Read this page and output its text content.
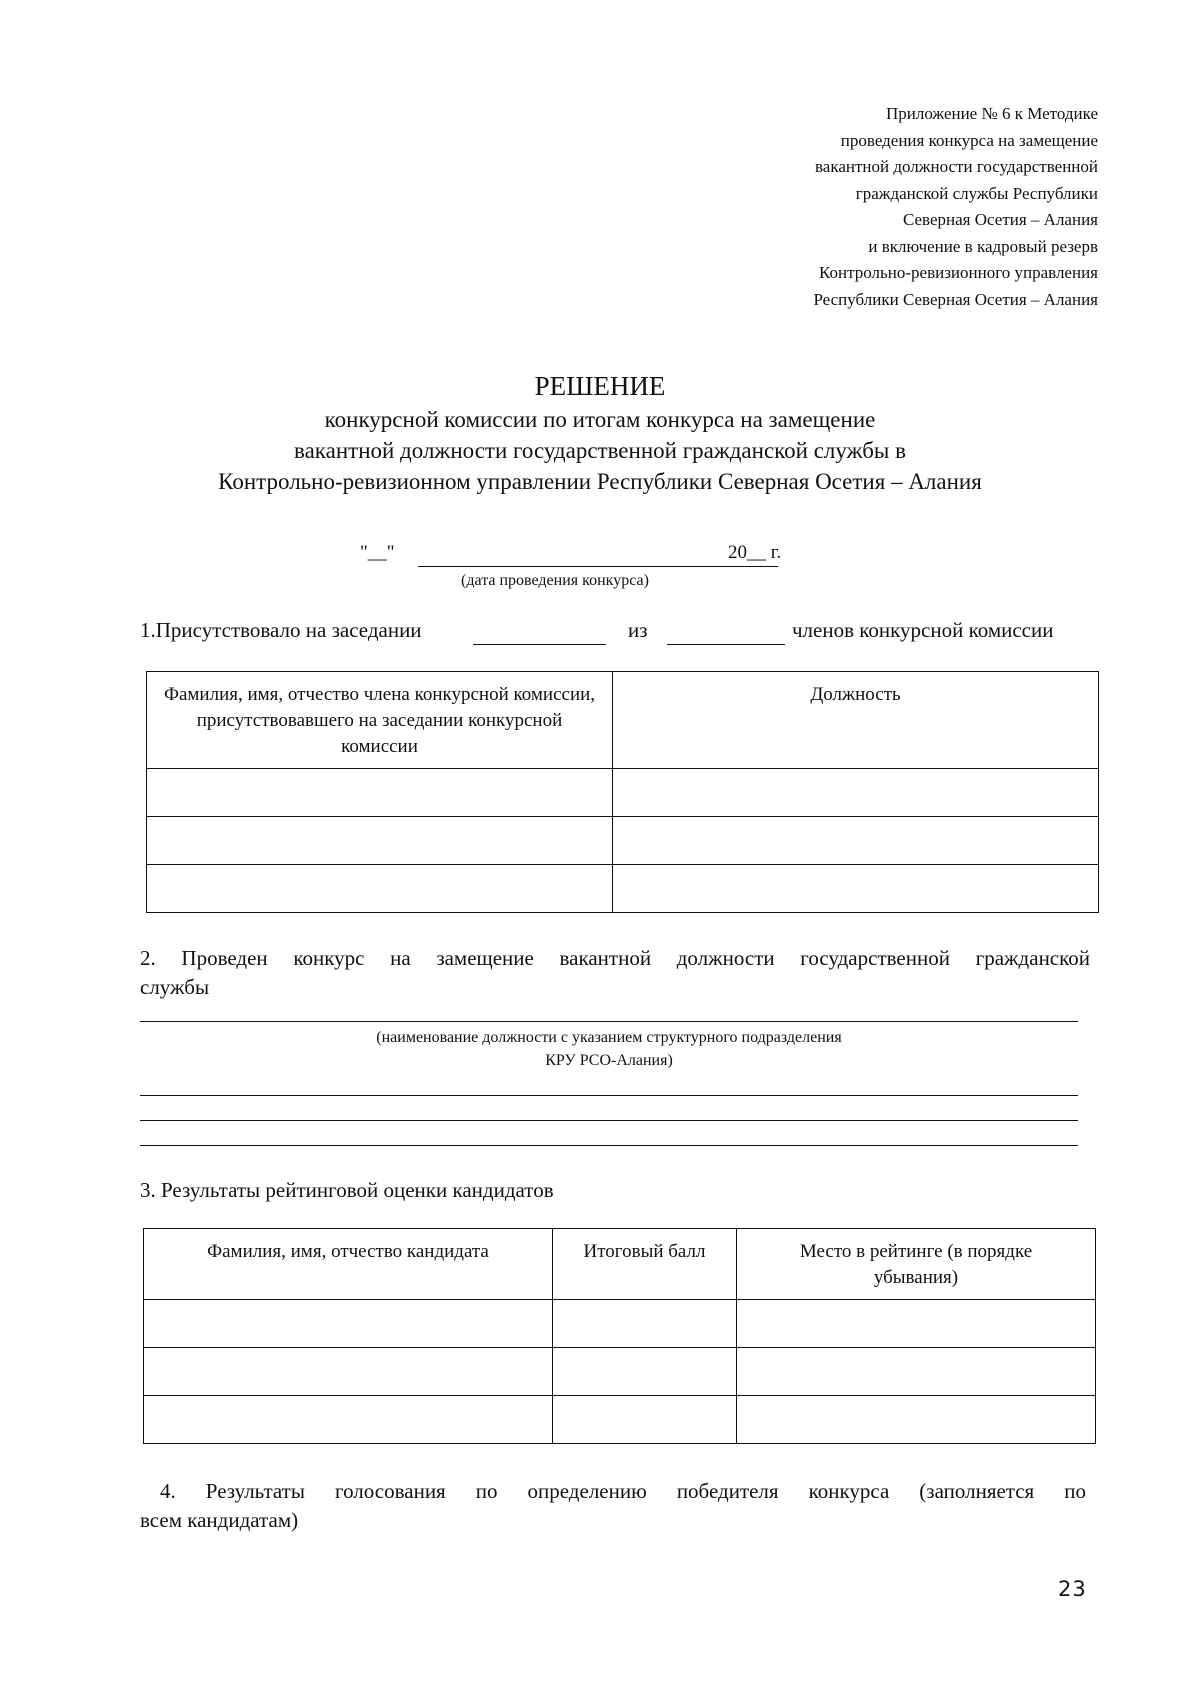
Приложение № 6 к Методике
проведения конкурса на замещение
вакантной должности государственной
гражданской службы Республики
Северная Осетия – Алания
и включение в кадровый резерв
Контрольно-ревизионного управления
Республики Северная Осетия – Алания
РЕШЕНИЕ
конкурсной комиссии по итогам конкурса на замещение
вакантной должности государственной гражданской службы в
Контрольно-ревизионном управлении Республики Северная Осетия – Алания
"__"	20__ г.
(дата проведения конкурса)
1.Присутствовало на заседании	из	членов конкурсной комиссии
Фамилия, имя, отчество члена конкурсной комиссии, присутствовавшего на заседании конкурсной комиссии	Должность

2. Проведен конкурс на замещение вакантной должности государственной гражданской
службы
(наименование должности с указанием структурного подразделения
КРУ РСО-Алания)
3. Результаты рейтинговой оценки кандидатов
Фамилия, имя, отчество кандидата	Итоговый балл	Место в рейтинге (в порядке убывания)

4. Результаты голосования по определению победителя конкурса (заполняется по
всем кандидатам)
23
